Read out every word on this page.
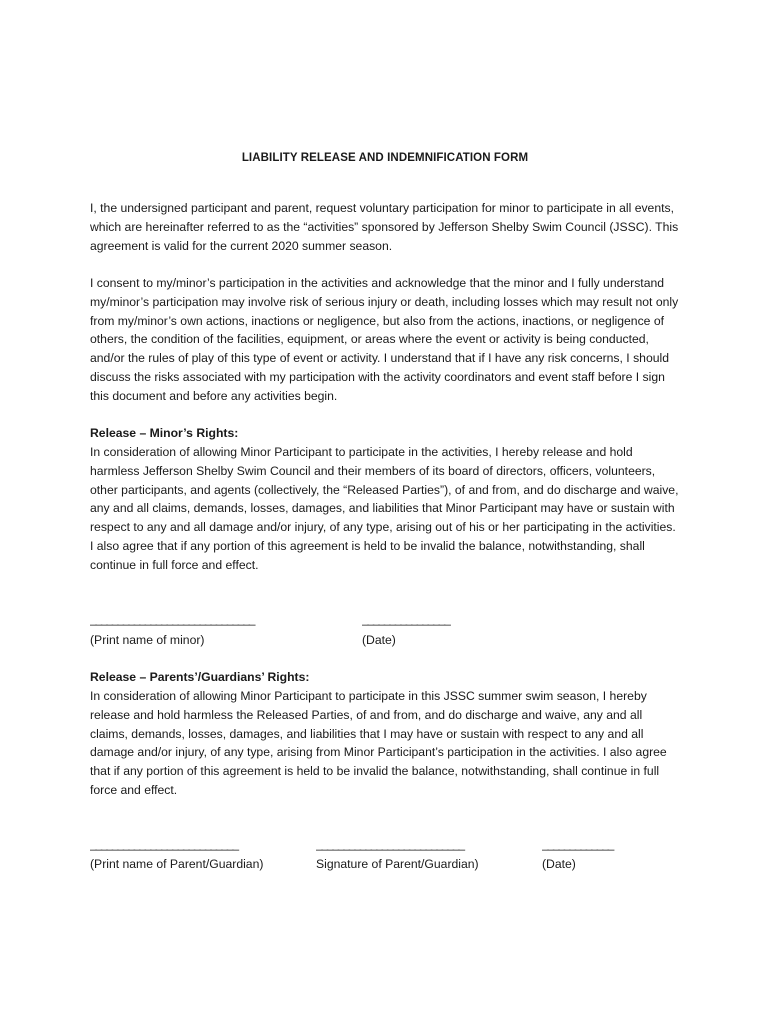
LIABILITY RELEASE AND INDEMNIFICATION FORM

I, the undersigned participant and parent, request voluntary participation for minor to participate in all events, which are hereinafter referred to as the “activities” sponsored by Jefferson Shelby Swim Council (JSSC). This agreement is valid for the current 2020 summer season.

I consent to my/minor’s participation in the activities and acknowledge that the minor and I fully understand my/minor’s participation may involve risk of serious injury or death, including losses which may result not only from my/minor’s own actions, inactions or negligence, but also from the actions, inactions, or negligence of others, the condition of the facilities, equipment, or areas where the event or activity is being conducted, and/or the rules of play of this type of event or activity. I understand that if I have any risk concerns, I should discuss the risks associated with my participation with the activity coordinators and event staff before I sign this document and before any activities begin.

Release – Minor’s Rights:

In consideration of allowing Minor Participant to participate in the activities, I hereby release and hold harmless Jefferson Shelby Swim Council and their members of its board of directors, officers, volunteers, other participants, and agents (collectively, the “Released Parties”), of and from, and do discharge and waive, any and all claims, demands, losses, damages, and liabilities that Minor Participant may have or sustain with respect to any and all damage and/or injury, of any type, arising out of his or her participating in the activities. I also agree that if any portion of this agreement is held to be invalid the balance, notwithstanding, shall continue in full force and effect.

______________________________
(Print name of minor)
________________
(Date)
Release – Parents’/Guardians’ Rights:

In consideration of allowing Minor Participant to participate in this JSSC summer swim season, I hereby release and hold harmless the Released Parties, of and from, and do discharge and waive, any and all claims, demands, losses, damages, and liabilities that I may have or sustain with respect to any and all damage and/or injury, of any type, arising from Minor Participant’s participation in the activities. I also agree that if any portion of this agreement is held to be invalid the balance, notwithstanding, shall continue in full force and effect.

___________________________
(Print name of Parent/Guardian)
___________________________
Signature of Parent/Guardian)
_____________
(Date)
